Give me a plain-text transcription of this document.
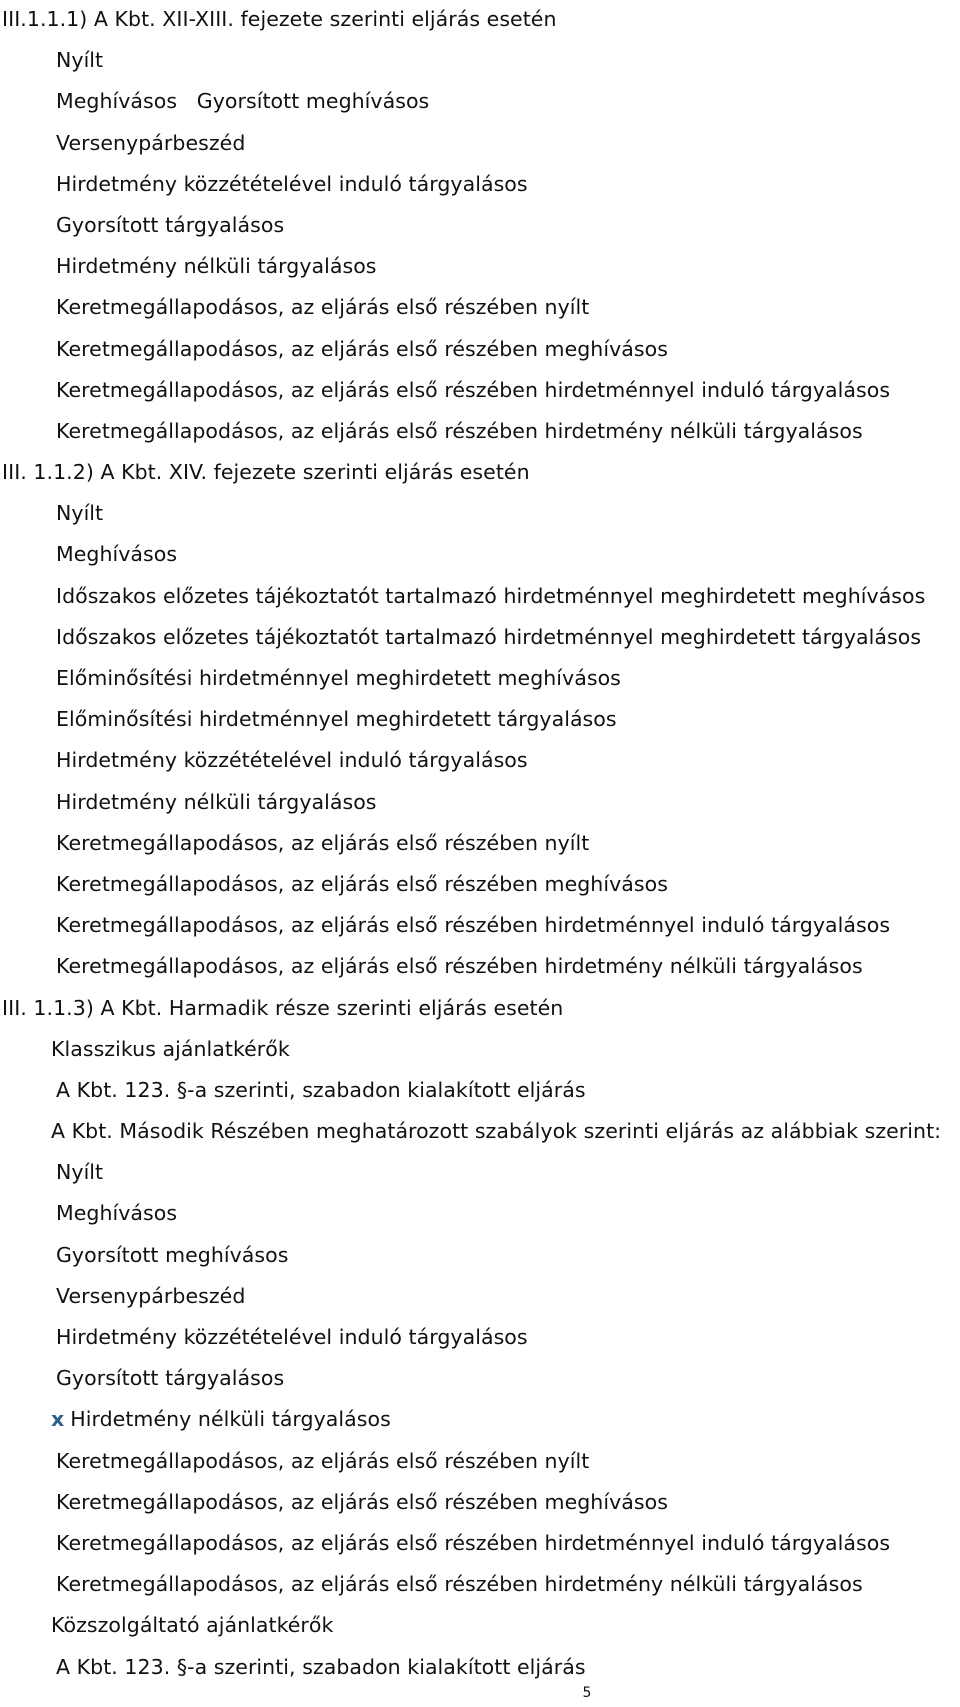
III.1.1.1) A Kbt. XII-XIII. fejezete szerinti eljárás esetén
Nyílt
Meghívásos   Gyorsított meghívásos
Versenypárbeszéd
Hirdetmény közzétételével induló tárgyalásos
Gyorsított tárgyalásos
Hirdetmény nélküli tárgyalásos
Keretmegállapodásos, az eljárás első részében nyílt
Keretmegállapodásos, az eljárás első részében meghívásos
Keretmegállapodásos, az eljárás első részében hirdetménnyel induló tárgyalásos
Keretmegállapodásos, az eljárás első részében hirdetmény nélküli tárgyalásos
III. 1.1.2) A Kbt. XIV. fejezete szerinti eljárás esetén
Nyílt
Meghívásos
Időszakos előzetes tájékoztatót tartalmazó hirdetménnyel meghirdetett meghívásos
Időszakos előzetes tájékoztatót tartalmazó hirdetménnyel meghirdetett tárgyalásos
Előminősítési hirdetménnyel meghirdetett meghívásos
Előminősítési hirdetménnyel meghirdetett tárgyalásos
Hirdetmény közzétételével induló tárgyalásos
Hirdetmény nélküli tárgyalásos
Keretmegállapodásos, az eljárás első részében nyílt
Keretmegállapodásos, az eljárás első részében meghívásos
Keretmegállapodásos, az eljárás első részében hirdetménnyel induló tárgyalásos
Keretmegállapodásos, az eljárás első részében hirdetmény nélküli tárgyalásos
III. 1.1.3) A Kbt. Harmadik része szerinti eljárás esetén
Klasszikus ajánlatkérők
A Kbt. 123. §-a szerinti, szabadon kialakított eljárás
A Kbt. Második Részében meghatározott szabályok szerinti eljárás az alábbiak szerint:
Nyílt
Meghívásos
Gyorsított meghívásos
Versenypárbeszéd
Hirdetmény közzétételével induló tárgyalásos
Gyorsított tárgyalásos
x Hirdetmény nélküli tárgyalásos
Keretmegállapodásos, az eljárás első részében nyílt
Keretmegállapodásos, az eljárás első részében meghívásos
Keretmegállapodásos, az eljárás első részében hirdetménnyel induló tárgyalásos
Keretmegállapodásos, az eljárás első részében hirdetmény nélküli tárgyalásos
Közszolgáltató ajánlatkérők
A Kbt. 123. §-a szerinti, szabadon kialakított eljárás
5
